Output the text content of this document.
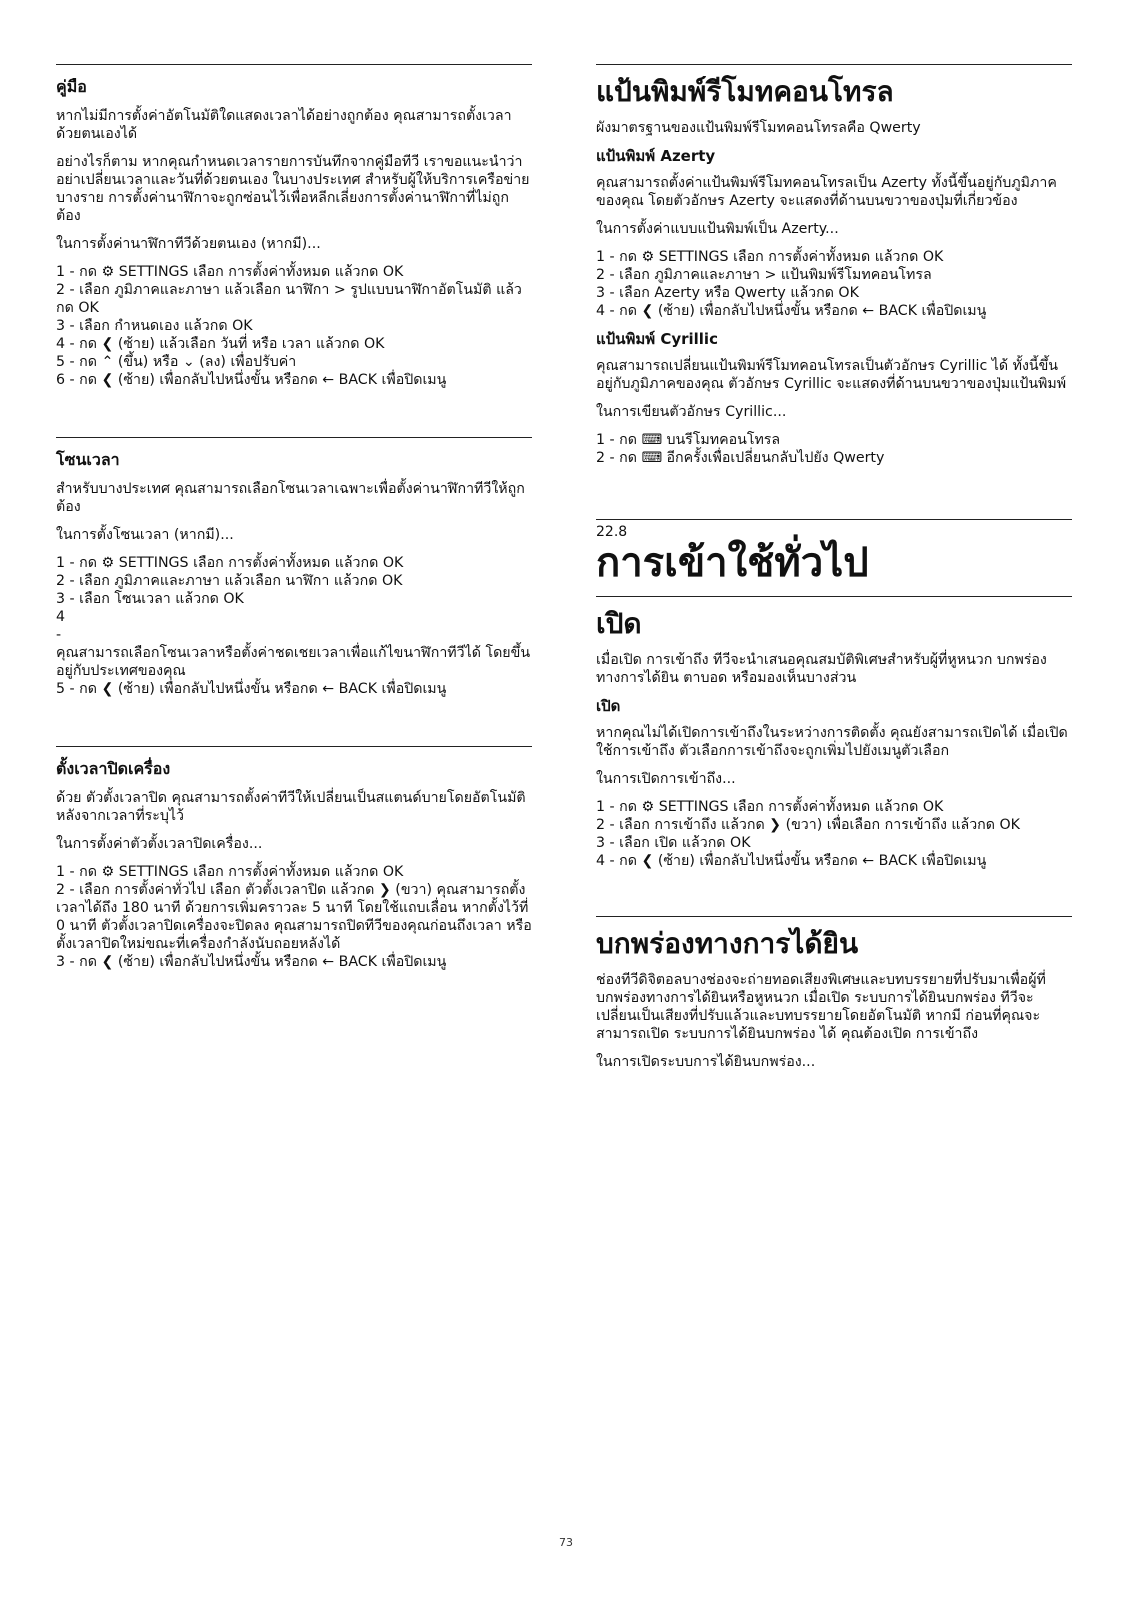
คู่มือ

หากไม่มีการตั้งค่าอัตโนมัติใดแสดงเวลาได้อย่างถูกต้อง คุณสามารถตั้งเวลาด้วยตนเองได้

อย่างไรก็ตาม หากคุณกำหนดเวลารายการบันทึกจากคู่มือทีวี เราขอแนะนำว่าอย่าเปลี่ยนเวลาและวันที่ด้วยตนเอง ในบางประเทศ สำหรับผู้ให้บริการเครือข่ายบางราย การตั้งค่านาฬิกาจะถูกซ่อนไว้เพื่อหลีกเลี่ยงการตั้งค่านาฬิกาที่ไม่ถูกต้อง

ในการตั้งค่านาฬิกาทีวีด้วยตนเอง (หากมี)...

1 - กด ⚙ SETTINGS เลือก การตั้งค่าทั้งหมด แล้วกด OK
2 - เลือก ภูมิภาคและภาษา แล้วเลือก นาฬิกา > รูปแบบนาฬิกาอัตโนมัติ แล้วกด OK
3 - เลือก กำหนดเอง แล้วกด OK
4 - กด ❮ (ซ้าย) แล้วเลือก วันที่ หรือ เวลา แล้วกด OK
5 - กด ⌃ (ขึ้น) หรือ ⌄ (ลง) เพื่อปรับค่า
6 - กด ❮ (ซ้าย) เพื่อกลับไปหนึ่งขั้น หรือกด ← BACK เพื่อปิดเมนู
โซนเวลา

สำหรับบางประเทศ คุณสามารถเลือกโซนเวลาเฉพาะเพื่อตั้งค่านาฬิกาทีวีให้ถูกต้อง

ในการตั้งโซนเวลา (หากมี)...

1 - กด ⚙ SETTINGS เลือก การตั้งค่าทั้งหมด แล้วกด OK
2 - เลือก ภูมิภาคและภาษา แล้วเลือก นาฬิกา แล้วกด OK
3 - เลือก โซนเวลา แล้วกด OK
4
-
คุณสามารถเลือกโซนเวลาหรือตั้งค่าชดเชยเวลาเพื่อแก้ไขนาฬิกาทีวีได้ โดยขึ้นอยู่กับประเทศของคุณ
5 - กด ❮ (ซ้าย) เพื่อกลับไปหนึ่งขั้น หรือกด ← BACK เพื่อปิดเมนู
ตั้งเวลาปิดเครื่อง

ด้วย ตัวตั้งเวลาปิด คุณสามารถตั้งค่าทีวีให้เปลี่ยนเป็นสแตนด์บายโดยอัตโนมัติหลังจากเวลาที่ระบุไว้

ในการตั้งค่าตัวตั้งเวลาปิดเครื่อง...

1 - กด ⚙ SETTINGS เลือก การตั้งค่าทั้งหมด แล้วกด OK
2 - เลือก การตั้งค่าทั่วไป เลือก ตัวตั้งเวลาปิด แล้วกด ❯ (ขวา) คุณสามารถตั้งเวลาได้ถึง 180 นาที ด้วยการเพิ่มคราวละ 5 นาที โดยใช้แถบเลื่อน หากตั้งไว้ที่ 0 นาที ตัวตั้งเวลาปิดเครื่องจะปิดลง คุณสามารถปิดทีวีของคุณก่อนถึงเวลา หรือตั้งเวลาปิดใหม่ขณะที่เครื่องกำลังนับถอยหลังได้
3 - กด ❮ (ซ้าย) เพื่อกลับไปหนึ่งขั้น หรือกด ← BACK เพื่อปิดเมนู
แป้นพิมพ์รีโมทคอนโทรล

ผังมาตรฐานของแป้นพิมพ์รีโมทคอนโทรลคือ Qwerty

แป้นพิมพ์ Azerty

คุณสามารถตั้งค่าแป้นพิมพ์รีโมทคอนโทรลเป็น Azerty ทั้งนี้ขึ้นอยู่กับภูมิภาคของคุณ โดยตัวอักษร Azerty จะแสดงที่ด้านบนขวาของปุ่มที่เกี่ยวข้อง

ในการตั้งค่าแบบแป้นพิมพ์เป็น Azerty...

1 - กด ⚙ SETTINGS เลือก การตั้งค่าทั้งหมด แล้วกด OK
2 - เลือก ภูมิภาคและภาษา > แป้นพิมพ์รีโมทคอนโทรล
3 - เลือก Azerty หรือ Qwerty แล้วกด OK
4 - กด ❮ (ซ้าย) เพื่อกลับไปหนึ่งขั้น หรือกด ← BACK เพื่อปิดเมนู
แป้นพิมพ์ Cyrillic

คุณสามารถเปลี่ยนแป้นพิมพ์รีโมทคอนโทรลเป็นตัวอักษร Cyrillic ได้ ทั้งนี้ขึ้นอยู่กับภูมิภาคของคุณ ตัวอักษร Cyrillic จะแสดงที่ด้านบนขวาของปุ่มแป้นพิมพ์

ในการเขียนตัวอักษร Cyrillic...

1 - กด ⌨ บนรีโมทคอนโทรล
2 - กด ⌨ อีกครั้งเพื่อเปลี่ยนกลับไปยัง Qwerty
22.8
การเข้าใช้ทั่วไป
เปิด

เมื่อเปิด การเข้าถึง ทีวีจะนำเสนอคุณสมบัติพิเศษสำหรับผู้ที่หูหนวก บกพร่องทางการได้ยิน ตาบอด หรือมองเห็นบางส่วน

เปิด

หากคุณไม่ได้เปิดการเข้าถึงในระหว่างการติดตั้ง คุณยังสามารถเปิดได้ เมื่อเปิดใช้การเข้าถึง ตัวเลือกการเข้าถึงจะถูกเพิ่มไปยังเมนูตัวเลือก

ในการเปิดการเข้าถึง...

1 - กด ⚙ SETTINGS เลือก การตั้งค่าทั้งหมด แล้วกด OK
2 - เลือก การเข้าถึง แล้วกด ❯ (ขวา) เพื่อเลือก การเข้าถึง แล้วกด OK
3 - เลือก เปิด แล้วกด OK
4 - กด ❮ (ซ้าย) เพื่อกลับไปหนึ่งขั้น หรือกด ← BACK เพื่อปิดเมนู
บกพร่องทางการได้ยิน

ช่องทีวีดิจิตอลบางช่องจะถ่ายทอดเสียงพิเศษและบทบรรยายที่ปรับมาเพื่อผู้ที่บกพร่องทางการได้ยินหรือหูหนวก เมื่อเปิด ระบบการได้ยินบกพร่อง ทีวีจะเปลี่ยนเป็นเสียงที่ปรับแล้วและบทบรรยายโดยอัตโนมัติ หากมี ก่อนที่คุณจะสามารถเปิด ระบบการได้ยินบกพร่อง ได้ คุณต้องเปิด การเข้าถึง

ในการเปิดระบบการได้ยินบกพร่อง...

73
